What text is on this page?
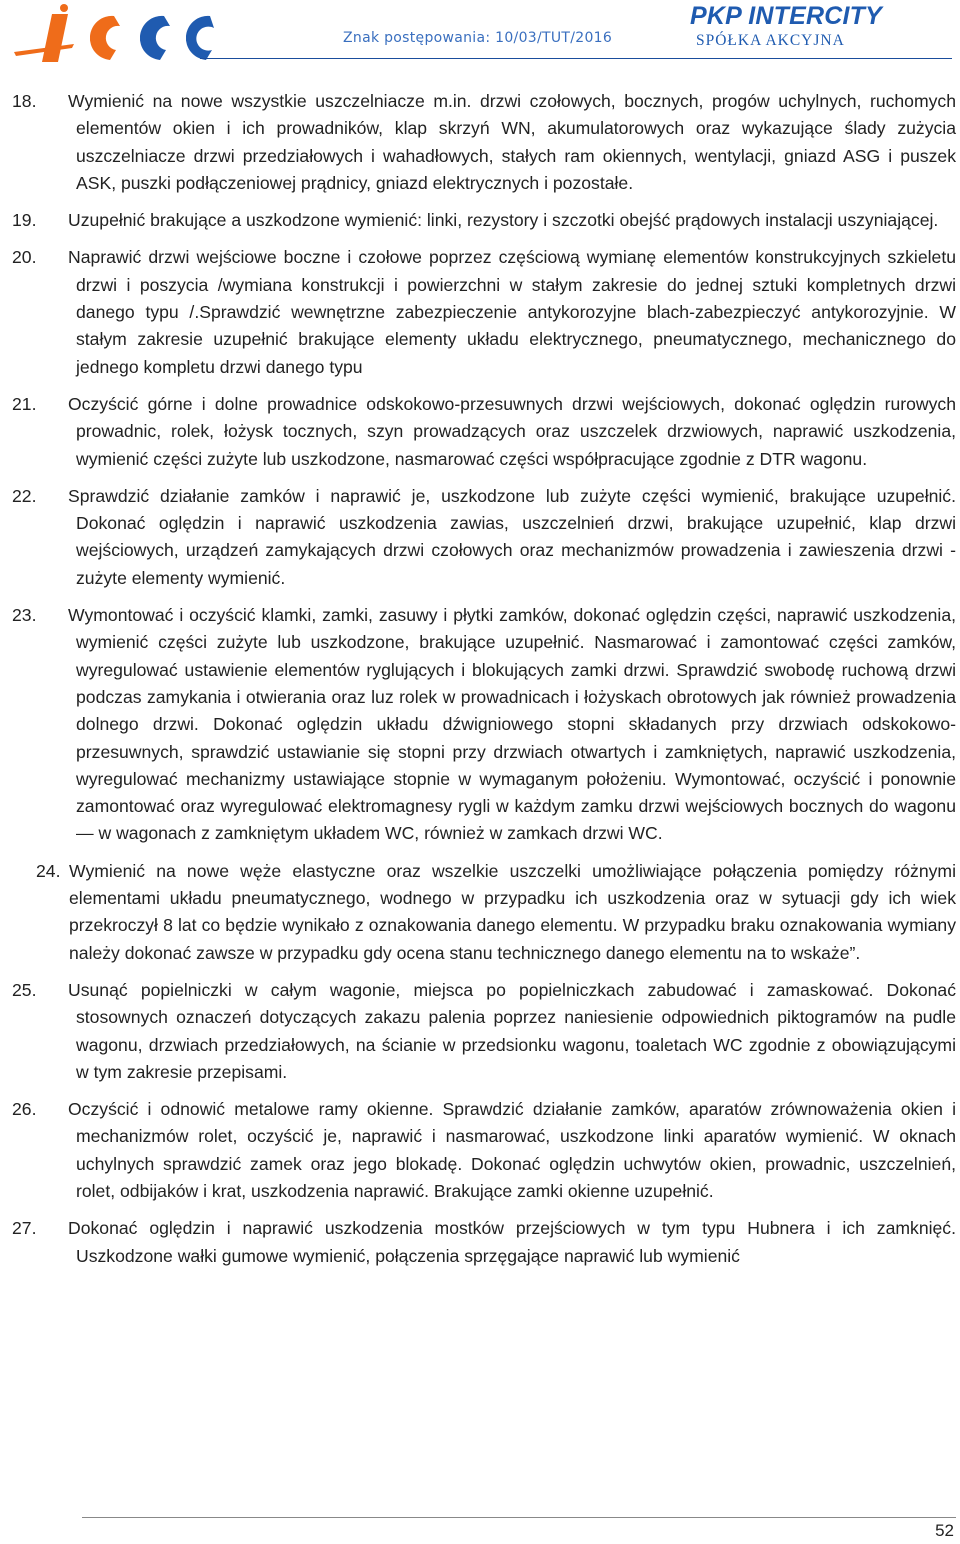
Znak postępowania: 10/03/TUT/2016
PKP INTERCITY
SPÓŁKA AKCYJNA
18. Wymienić na nowe wszystkie uszczelniacze m.in. drzwi czołowych, bocznych, progów uchylnych, ruchomych elementów okien i ich prowadników, klap skrzyń WN, akumulatorowych oraz wykazujące ślady zużycia uszczelniacze drzwi przedziałowych i wahadłowych, stałych ram okiennych, wentylacji, gniazd ASG i puszek ASK, puszki podłączeniowej prądnicy, gniazd elektrycznych i pozostałe.
19. Uzupełnić brakujące a uszkodzone wymienić: linki, rezystory i szczotki obejść prądowych instalacji uszyniającej.
20. Naprawić drzwi wejściowe boczne i czołowe poprzez częściową wymianę elementów konstrukcyjnych szkieletu drzwi i poszycia /wymiana konstrukcji i powierzchni w stałym zakresie do jednej sztuki kompletnych drzwi danego typu /.Sprawdzić wewnętrzne zabezpieczenie antykorozyjne blach-zabezpieczyć antykorozyjnie. W stałym zakresie uzupełnić brakujące elementy układu elektrycznego, pneumatycznego, mechanicznego do jednego kompletu drzwi danego typu
21. Oczyścić górne i dolne prowadnice odskokowo-przesuwnych drzwi wejściowych, dokonać oględzin rurowych prowadnic, rolek, łożysk tocznych, szyn prowadzących oraz uszczelek drzwiowych, naprawić uszkodzenia, wymienić części zużyte lub uszkodzone, nasmarować części współpracujące zgodnie z DTR wagonu.
22. Sprawdzić działanie zamków i naprawić je, uszkodzone lub zużyte części wymienić, brakujące uzupełnić. Dokonać oględzin i naprawić uszkodzenia zawias, uszczelnień drzwi, brakujące uzupełnić, klap drzwi wejściowych, urządzeń zamykających drzwi czołowych oraz mechanizmów prowadzenia i zawieszenia drzwi - zużyte elementy wymienić.
23. Wymontować i oczyścić klamki, zamki, zasuwy i płytki zamków, dokonać oględzin części, naprawić uszkodzenia, wymienić części zużyte lub uszkodzone, brakujące uzupełnić. Nasmarować i zamontować części zamków, wyregulować ustawienie elementów ryglujących i blokujących zamki drzwi. Sprawdzić swobodę ruchową drzwi podczas zamykania i otwierania oraz luz rolek w prowadnicach i łożyskach obrotowych jak również prowadzenia dolnego drzwi. Dokonać oględzin układu dźwigniowego stopni składanych przy drzwiach odskokowo-przesuwnych, sprawdzić ustawianie się stopni przy drzwiach otwartych i zamkniętych, naprawić uszkodzenia, wyregulować mechanizmy ustawiające stopnie w wymaganym położeniu. Wymontować, oczyścić i ponownie zamontować oraz wyregulować elektromagnesy rygli w każdym zamku drzwi wejściowych bocznych do wagonu — w wagonach z zamkniętym układem WC, również w zamkach drzwi WC.
24. Wymienić na nowe węże elastyczne oraz wszelkie uszczelki umożliwiające połączenia pomiędzy różnymi elementami układu pneumatycznego, wodnego w przypadku ich uszkodzenia oraz w sytuacji gdy ich wiek przekroczył 8 lat co będzie wynikało z oznakowania danego elementu. W przypadku braku oznakowania wymiany należy dokonać zawsze w przypadku gdy ocena stanu technicznego danego elementu na to wskaże”.
25. Usunąć popielniczki w całym wagonie, miejsca po popielniczkach zabudować i zamaskować. Dokonać stosownych oznaczeń dotyczących zakazu palenia poprzez naniesienie odpowiednich piktogramów na pudle wagonu, drzwiach przedziałowych, na ścianie w przedsionku wagonu, toaletach WC zgodnie z obowiązującymi w tym zakresie przepisami.
26. Oczyścić i odnowić metalowe ramy okienne. Sprawdzić działanie zamków, aparatów zrównoważenia okien i mechanizmów rolet, oczyścić je, naprawić i nasmarować, uszkodzone linki aparatów wymienić. W oknach uchylnych sprawdzić zamek oraz jego blokadę. Dokonać oględzin uchwytów okien, prowadnic, uszczelnień, rolet, odbijaków i krat, uszkodzenia naprawić. Brakujące zamki okienne uzupełnić.
27. Dokonać oględzin i naprawić uszkodzenia mostków przejściowych w tym typu Hubnera i ich zamknięć. Uszkodzone wałki gumowe wymienić, połączenia sprzęgające naprawić lub wymienić
52
